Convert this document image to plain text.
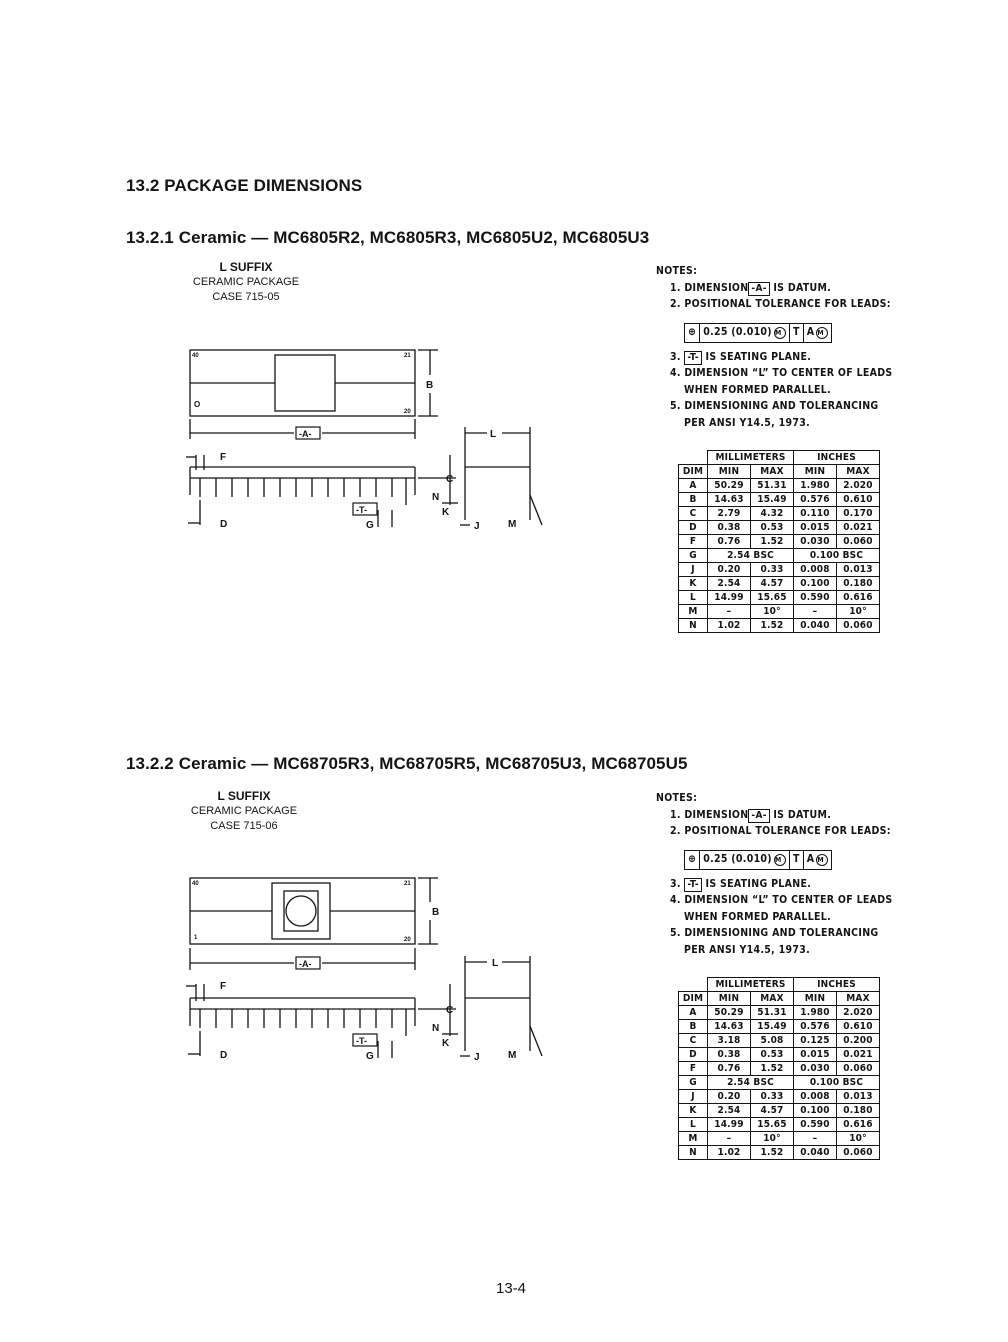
13.2 PACKAGE DIMENSIONS
13.2.1 Ceramic — MC6805R2, MC6805R3, MC6805U2, MC6805U3
L SUFFIX
CERAMIC PACKAGE
CASE 715-05
40	21
O
20
B
-A-	L
F
C
N
-T-	K
D	G	J	M
NOTES:
1. DIMENSION -A- IS DATUM.
2. POSITIONAL TOLERANCE FOR LEADS:
⊕ 0.25 (0.010) M	T A M
3. -T- IS SEATING PLANE.
4. DIMENSION “L” TO CENTER OF LEADS
WHEN FORMED PARALLEL.
5. DIMENSIONING AND TOLERANCING
PER ANSI Y14.5, 1973.
	MILLIMETERS		INCHES	
DIM	MIN	MAX	MIN	MAX
A	50.29	51.31	1.980	2.020
B	14.63	15.49	0.576	0.610
C	2.79	4.32	0.110	0.170
D	0.38	0.53	0.015	0.021
F	0.76	1.52	0.030	0.060
G	2.54 BSC		0.100 BSC	
J	0.20	0.33	0.008	0.013
K	2.54	4.57	0.100	0.180
L	14.99	15.65	0.590	0.616
M	–	10°	–	10°
N	1.02	1.52	0.040	0.060
13.2.2 Ceramic — MC68705R3, MC68705R5, MC68705U3, MC68705U5
L SUFFIX
CERAMIC PACKAGE
CASE 715-06
40	21
1	20
B
-A-	L
F
C
N
-T-	K
D	G	J	M
NOTES:
1. DIMENSION -A- IS DATUM.
2. POSITIONAL TOLERANCE FOR LEADS:
⊕ 0.25 (0.010) M	T A M
3. -T- IS SEATING PLANE.
4. DIMENSION “L” TO CENTER OF LEADS
WHEN FORMED PARALLEL.
5. DIMENSIONING AND TOLERANCING
PER ANSI Y14.5, 1973.
	MILLIMETERS		INCHES	
DIM	MIN	MAX	MIN	MAX
A	50.29	51.31	1.980	2.020
B	14.63	15.49	0.576	0.610
C	3.18	5.08	0.125	0.200
D	0.38	0.53	0.015	0.021
F	0.76	1.52	0.030	0.060
G	2.54 BSC		0.100 BSC	
J	0.20	0.33	0.008	0.013
K	2.54	4.57	0.100	0.180
L	14.99	15.65	0.590	0.616
M	–	10°	–	10°
N	1.02	1.52	0.040	0.060
13-4
